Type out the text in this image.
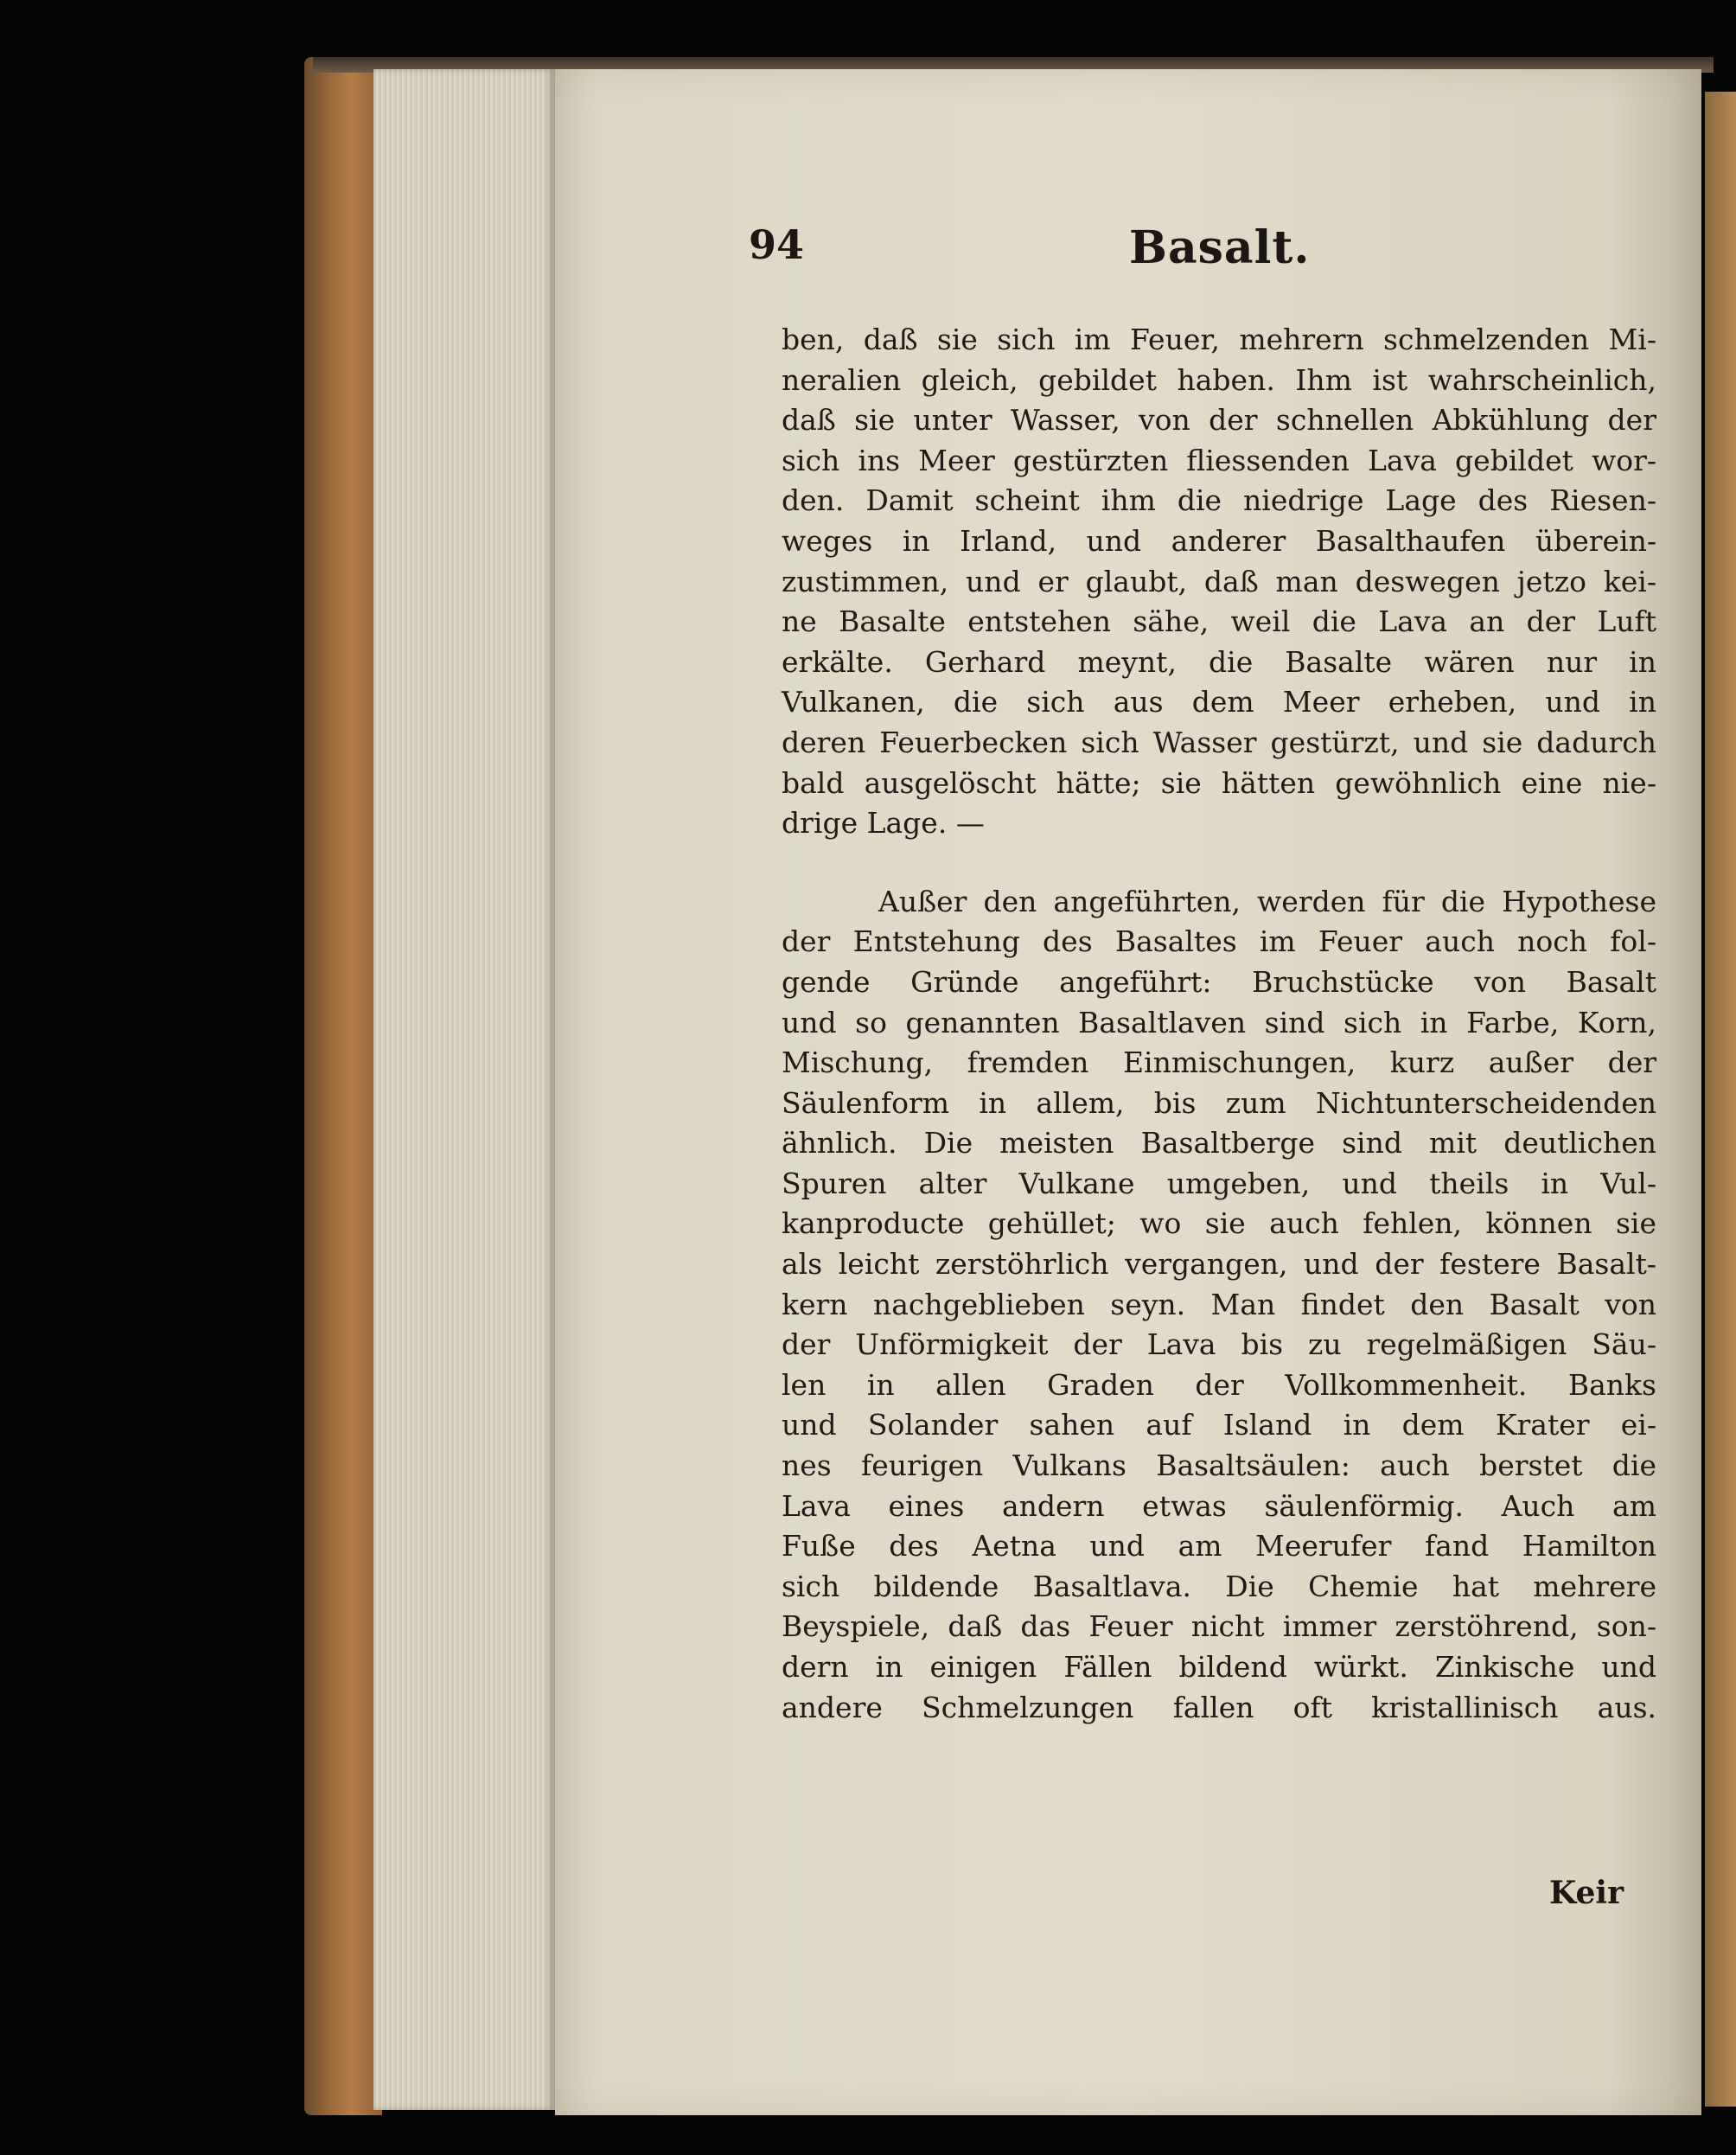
94	Basalt.
ben, daß sie sich im Feuer, mehrern schmelzenden Mi-
neralien gleich, gebildet haben. Ihm ist wahrscheinlich,
daß sie unter Wasser, von der schnellen Abkühlung der
sich ins Meer gestürzten fliessenden Lava gebildet wor-
den. Damit scheint ihm die niedrige Lage des Riesen-
weges in Irland, und anderer Basalthaufen überein-
zustimmen, und er glaubt, daß man deswegen jetzo kei-
ne Basalte entstehen sähe, weil die Lava an der Luft
erkälte. Gerhard meynt, die Basalte wären nur in
Vulkanen, die sich aus dem Meer erheben, und in
deren Feuerbecken sich Wasser gestürzt, und sie dadurch
bald ausgelöscht hätte; sie hätten gewöhnlich eine nie-
drige Lage. —
Außer den angeführten, werden für die Hypothese
der Entstehung des Basaltes im Feuer auch noch fol-
gende Gründe angeführt: Bruchstücke von Basalt
und so genannten Basaltlaven sind sich in Farbe, Korn,
Mischung, fremden Einmischungen, kurz außer der
Säulenform in allem, bis zum Nichtunterscheidenden
ähnlich. Die meisten Basaltberge sind mit deutlichen
Spuren alter Vulkane umgeben, und theils in Vul-
kanproducte gehüllet; wo sie auch fehlen, können sie
als leicht zerstöhrlich vergangen, und der festere Basalt-
kern nachgeblieben seyn. Man findet den Basalt von
der Unförmigkeit der Lava bis zu regelmäßigen Säu-
len in allen Graden der Vollkommenheit. Banks
und Solander sahen auf Island in dem Krater ei-
nes feurigen Vulkans Basaltsäulen: auch berstet die
Lava eines andern etwas säulenförmig. Auch am
Fuße des Aetna und am Meerufer fand Hamilton
sich bildende Basaltlava. Die Chemie hat mehrere
Beyspiele, daß das Feuer nicht immer zerstöhrend, son-
dern in einigen Fällen bildend würkt. Zinkische und
andere Schmelzungen fallen oft kristallinisch aus.
Keir
